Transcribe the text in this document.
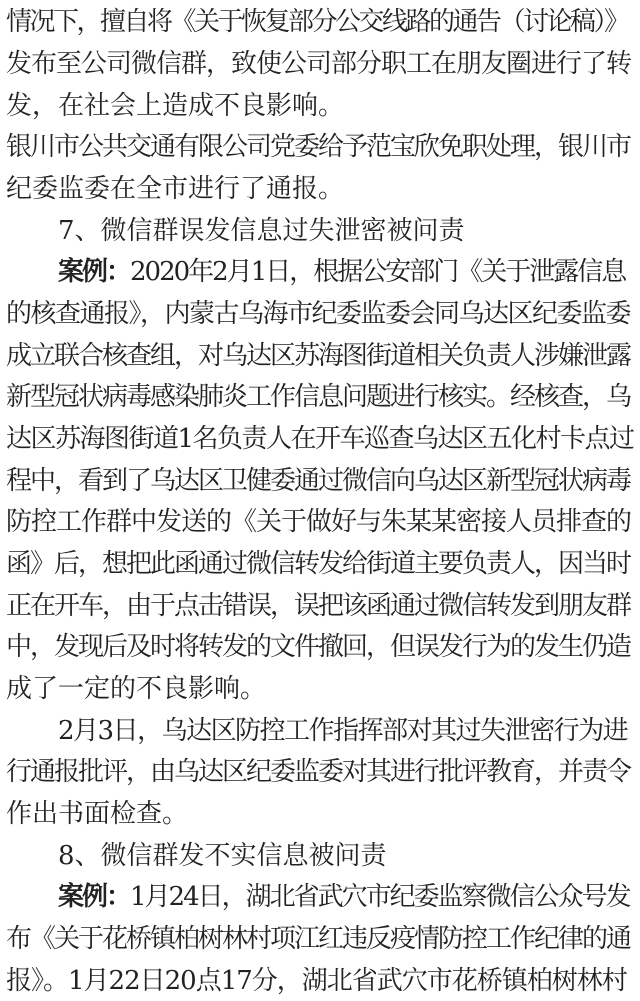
情况下，擅自将《关于恢复部分公交线路的通告（讨论稿）》
发布至公司微信群，致使公司部分职工在朋友圈进行了转
发，在社会上造成不良影响。
银川市公共交通有限公司党委给予范宝欣免职处理，银川市
纪委监委在全市进行了通报。
7、微信群误发信息过失泄密被问责
案例：2020年2月1日，根据公安部门《关于泄露信息
的核查通报》，内蒙古乌海市纪委监委会同乌达区纪委监委
成立联合核查组，对乌达区苏海图街道相关负责人涉嫌泄露
新型冠状病毒感染肺炎工作信息问题进行核实。经核查，乌
达区苏海图街道1名负责人在开车巡查乌达区五化村卡点过
程中，看到了乌达区卫健委通过微信向乌达区新型冠状病毒
防控工作群中发送的《关于做好与朱某某密接人员排查的
函》后，想把此函通过微信转发给街道主要负责人，因当时
正在开车，由于点击错误，误把该函通过微信转发到朋友群
中，发现后及时将转发的文件撤回，但误发行为的发生仍造
成了一定的不良影响。
2月3日，乌达区防控工作指挥部对其过失泄密行为进
行通报批评，由乌达区纪委监委对其进行批评教育，并责令
作出书面检查。
8、微信群发不实信息被问责
案例：1月24日，湖北省武穴市纪委监察微信公众号发
布《关于花桥镇柏树林村项江红违反疫情防控工作纪律的通
报》。1月22日20点17分，湖北省武穴市花桥镇柏树林村
